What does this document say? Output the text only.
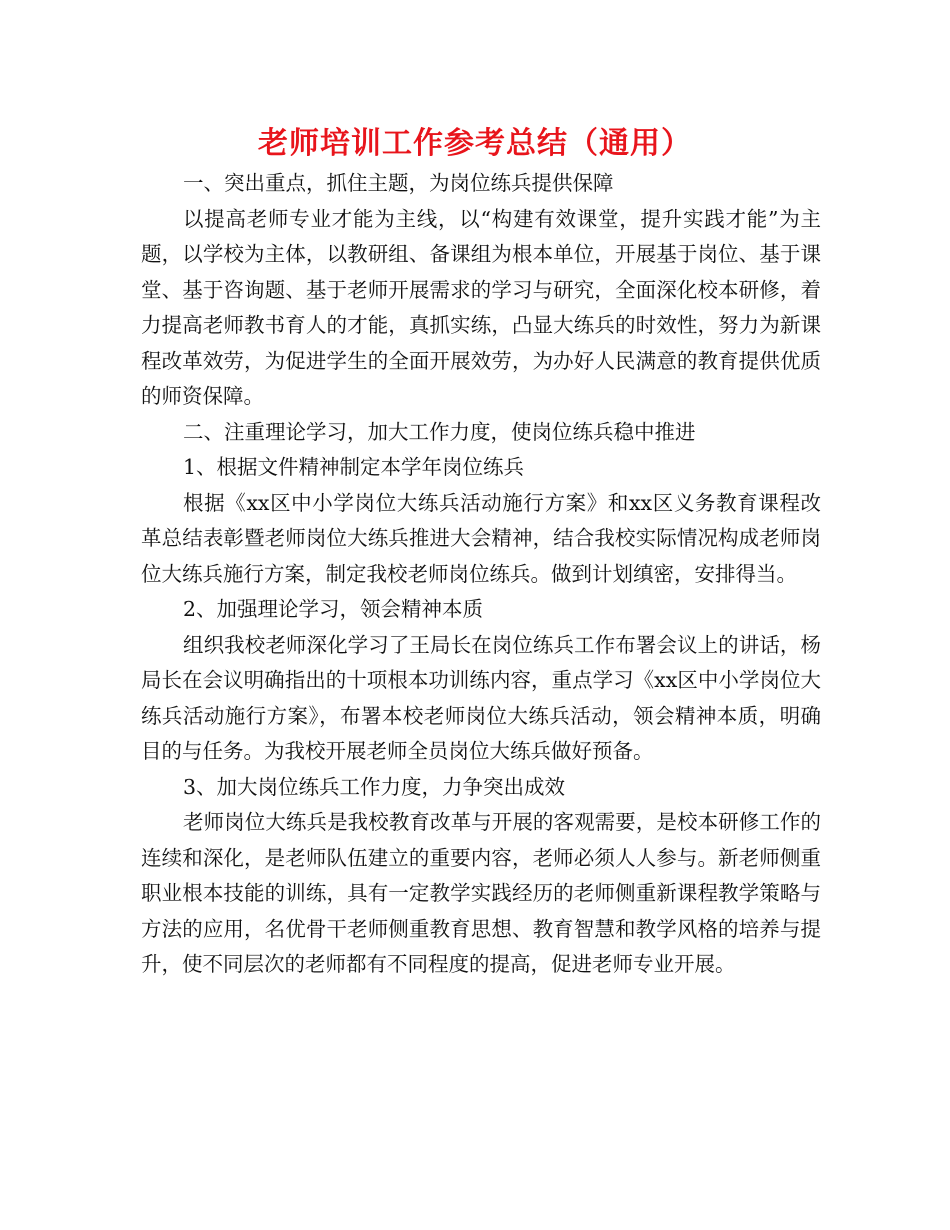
老师培训工作参考总结（通用）

一、突出重点，抓住主题，为岗位练兵提供保障

以提高老师专业才能为主线，以“构建有效课堂，提升实践才能”为主题，以学校为主体，以教研组、备课组为根本单位，开展基于岗位、基于课堂、基于咨询题、基于老师开展需求的学习与研究，全面深化校本研修，着力提高老师教书育人的才能，真抓实练，凸显大练兵的时效性，努力为新课程改革效劳，为促进学生的全面开展效劳，为办好人民满意的教育提供优质的师资保障。

二、注重理论学习，加大工作力度，使岗位练兵稳中推进

1、根据文件精神制定本学年岗位练兵

根据《xx区中小学岗位大练兵活动施行方案》和xx区义务教育课程改革总结表彰暨老师岗位大练兵推进大会精神，结合我校实际情况构成老师岗位大练兵施行方案，制定我校老师岗位练兵。做到计划缜密，安排得当。

2、加强理论学习，领会精神本质

组织我校老师深化学习了王局长在岗位练兵工作布署会议上的讲话，杨局长在会议明确指出的十项根本功训练内容，重点学习《xx区中小学岗位大练兵活动施行方案》，布署本校老师岗位大练兵活动，领会精神本质，明确目的与任务。为我校开展老师全员岗位大练兵做好预备。

3、加大岗位练兵工作力度，力争突出成效

老师岗位大练兵是我校教育改革与开展的客观需要，是校本研修工作的连续和深化，是老师队伍建立的重要内容，老师必须人人参与。新老师侧重职业根本技能的训练，具有一定教学实践经历的老师侧重新课程教学策略与方法的应用，名优骨干老师侧重教育思想、教育智慧和教学风格的培养与提升，使不同层次的老师都有不同程度的提高，促进老师专业开展。
